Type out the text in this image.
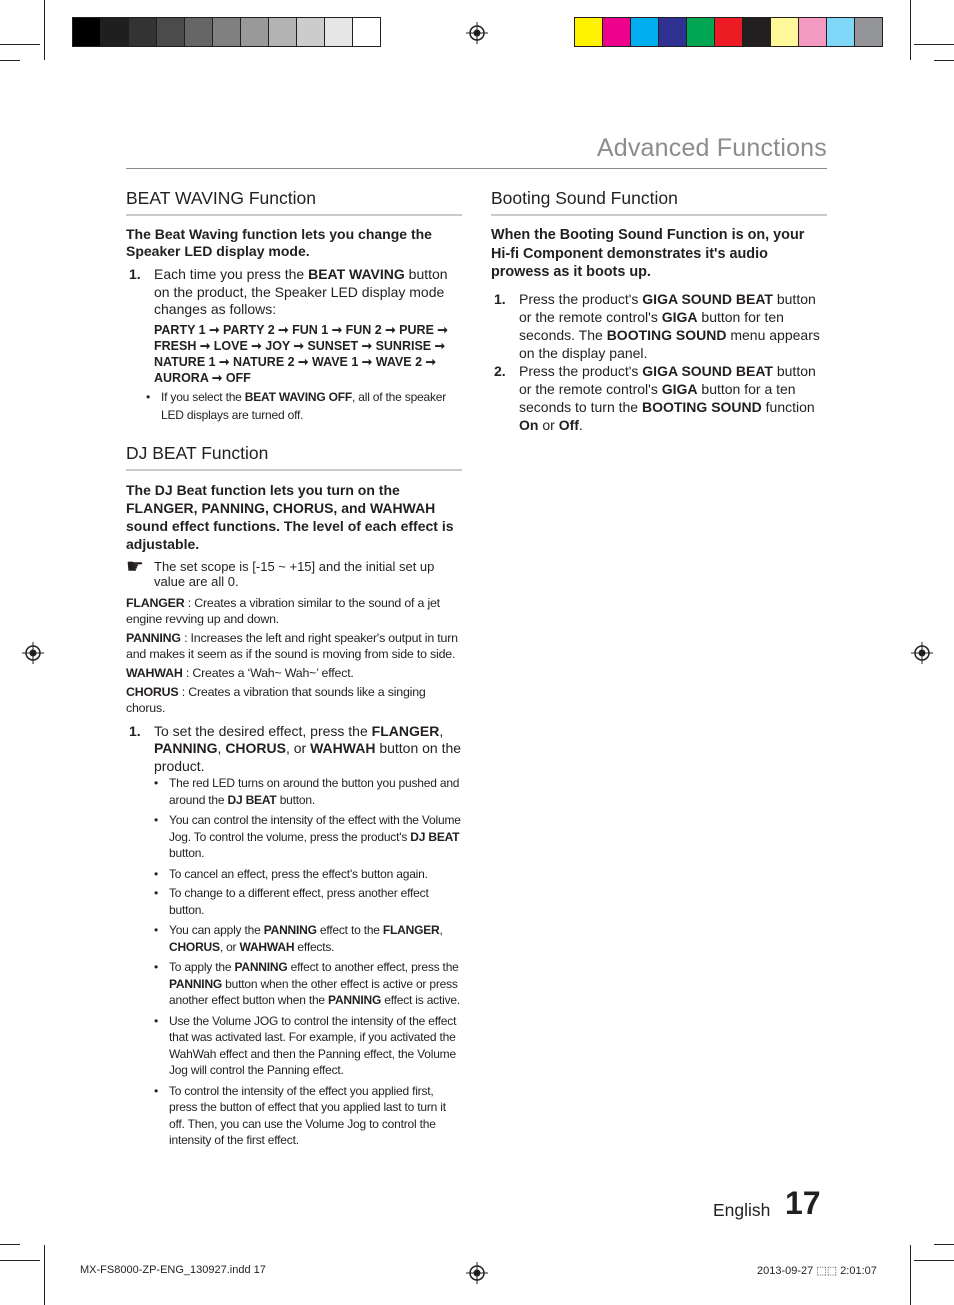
Advanced Functions
BEAT WAVING Function
The Beat Waving function lets you change the Speaker LED display mode.
1. Each time you press the BEAT WAVING button on the product, the Speaker LED display mode changes as follows:
PARTY 1 ➞ PARTY 2 ➞ FUN 1 ➞ FUN 2 ➞ PURE ➞ FRESH ➞ LOVE ➞ JOY ➞ SUNSET ➞ SUNRISE ➞ NATURE 1 ➞ NATURE 2 ➞ WAVE 1 ➞ WAVE 2 ➞ AURORA ➞ OFF
• If you select the BEAT WAVING OFF, all of the speaker LED displays are turned off.
DJ BEAT Function
The DJ Beat function lets you turn on the FLANGER, PANNING, CHORUS, and WAHWAH sound effect functions. The level of each effect is adjustable.
☛ The set scope is [-15 ~ +15] and the initial set up value are all 0.
FLANGER : Creates a vibration similar to the sound of a jet engine revving up and down.
PANNING : Increases the left and right speaker's output in turn and makes it seem as if the sound is moving from side to side.
WAHWAH : Creates a ‘Wah~ Wah~’ effect.
CHORUS : Creates a vibration that sounds like a singing chorus.
1. To set the desired effect, press the FLANGER, PANNING, CHORUS, or WAHWAH button on the product.
• The red LED turns on around the button you pushed and around the DJ BEAT button.
• You can control the intensity of the effect with the Volume Jog. To control the volume, press the product's DJ BEAT button.
• To cancel an effect, press the effect's button again.
• To change to a different effect, press another effect button.
• You can apply the PANNING effect to the FLANGER, CHORUS, or WAHWAH effects.
• To apply the PANNING effect to another effect, press the PANNING button when the other effect is active or press another effect button when the PANNING effect is active.
• Use the Volume JOG to control the intensity of the effect that was activated last. For example, if you activated the WahWah effect and then the Panning effect, the Volume Jog will control the Panning effect.
• To control the intensity of the effect you applied first, press the button of effect that you applied last to turn it off. Then, you can use the Volume Jog to control the intensity of the first effect.
Booting Sound Function
When the Booting Sound Function is on, your Hi-fi Component demonstrates it's audio prowess as it boots up.
1. Press the product's GIGA SOUND BEAT button or the remote control's GIGA button for ten seconds. The BOOTING SOUND menu appears on the display panel.
2. Press the product's GIGA SOUND BEAT button or the remote control's GIGA button for a ten seconds to turn the BOOTING SOUND function On or Off.
English 17
MX-FS8000-ZP-ENG_130927.indd 17	2013-09-27 ⬚⬚ 2:01:07
